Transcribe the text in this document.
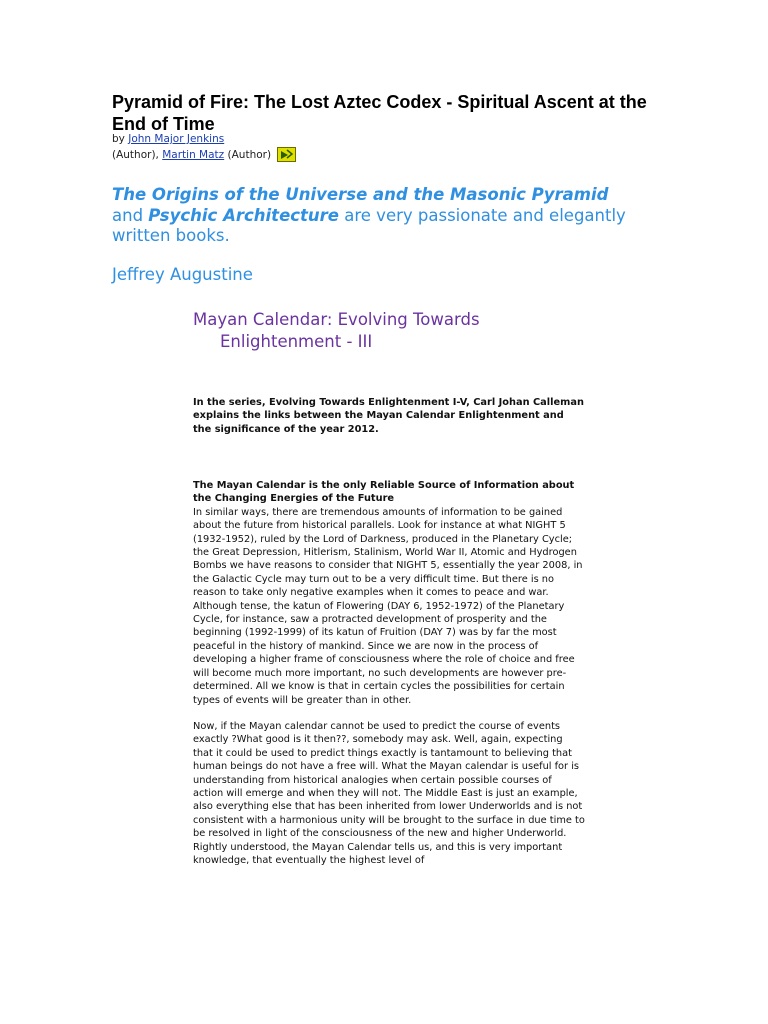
Pyramid of Fire: The Lost Aztec Codex - Spiritual Ascent at the End of Time
by John Major Jenkins
(Author), Martin Matz (Author)
The Origins of the Universe and the Masonic Pyramid and Psychic Architecture are very passionate and elegantly written books.
Jeffrey Augustine
Mayan Calendar: Evolving Towards
Enlightenment - III
In the series, Evolving Towards Enlightenment I-V, Carl Johan Calleman explains the links between the Mayan Calendar Enlightenment and the significance of the year 2012.

The Mayan Calendar is the only Reliable Source of Information about the Changing Energies of the Future
In similar ways, there are tremendous amounts of information to be gained about the future from historical parallels. Look for instance at what NIGHT 5 (1932-1952), ruled by the Lord of Darkness, produced in the Planetary Cycle; the Great Depression, Hitlerism, Stalinism, World War II, Atomic and Hydrogen Bombs we have reasons to consider that NIGHT 5, essentially the year 2008, in the Galactic Cycle may turn out to be a very difficult time. But there is no reason to take only negative examples when it comes to peace and war. Although tense, the katun of Flowering (DAY 6, 1952-1972) of the Planetary Cycle, for instance, saw a protracted development of prosperity and the beginning (1992-1999) of its katun of Fruition (DAY 7) was by far the most peaceful in the history of mankind. Since we are now in the process of developing a higher frame of consciousness where the role of choice and free will become much more important, no such developments are however pre-determined. All we know is that in certain cycles the possibilities for certain types of events will be greater than in other.

Now, if the Mayan calendar cannot be used to predict the course of events exactly ?What good is it then??, somebody may ask. Well, again, expecting that it could be used to predict things exactly is tantamount to believing that human beings do not have a free will. What the Mayan calendar is useful for is understanding from historical analogies when certain possible courses of action will emerge and when they will not. The Middle East is just an example, also everything else that has been inherited from lower Underworlds and is not consistent with a harmonious unity will be brought to the surface in due time to be resolved in light of the consciousness of the new and higher Underworld. Rightly understood, the Mayan Calendar tells us, and this is very important knowledge, that eventually the highest level of
